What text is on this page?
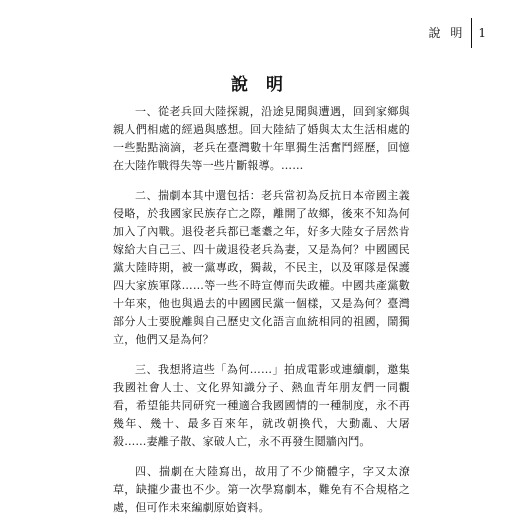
說 明 1
說 明

一、從老兵回大陸探親，沿途見聞與遭遇，回到家鄉與親人們相處的經過與感想。回大陸結了婚與太太生活相處的一些點點滴滴，老兵在臺灣數十年單獨生活奮鬥經歷，回憶在大陸作戰得失等一些片斷報導。……

二、揣劇本其中還包括：老兵當初為反抗日本帝國主義侵略，於我國家民族存亡之際，離開了故鄉，後來不知為何加入了內戰。退役老兵都已耄耋之年，好多大陸女子居然肯嫁給大自己三、四十歲退役老兵為妻，又是為何？中國國民黨大陸時期，被一黨專政，獨裁，不民主，以及軍隊是保護四大家族軍隊……等一些不時宣傳而失政權。中國共產黨數十年來，他也與過去的中國國民黨一個樣，又是為何？臺灣部分人士要脫離與自己歷史文化語言血統相同的祖國，鬧獨立，他們又是為何？

三、我想將這些「為何……」拍成電影或連續劇，邀集我國社會人士、文化界知識分子、熱血青年朋友們一同觀看，希望能共同研究一種適合我國國情的一種制度，永不再幾年、幾十、最多百來年，就改朝換代，大動亂、大屠殺……妻離子散、家破人亡，永不再發生鬩牆內鬥。

四、揣劇在大陸寫出，故用了不少簡體字，字又太潦草，缺攏少畫也不少。第一次學寫劇本，難免有不合規格之處，但可作未來編劇原始資料。
